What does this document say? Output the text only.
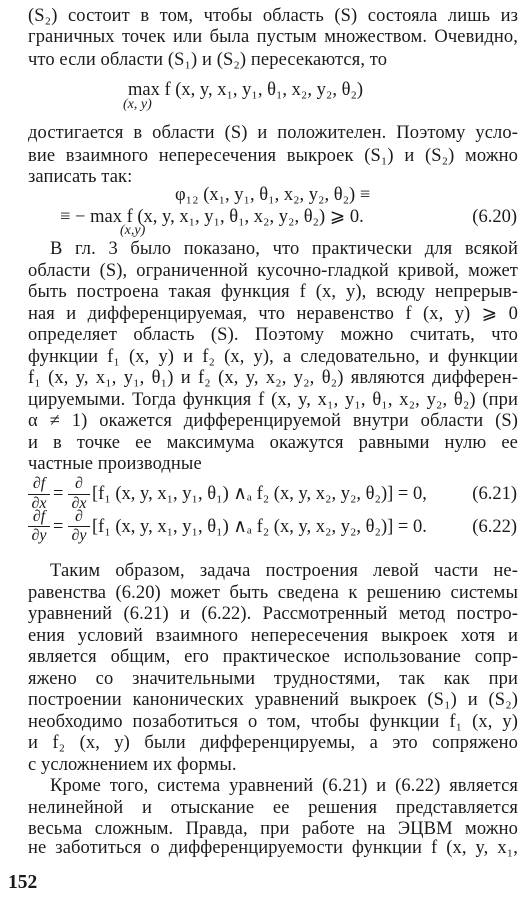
(S₂) состоит в том, чтобы область (S) состояла лишь из
граничных точек или была пустым множеством. Очевидно,
что если области (S₁) и (S₂) пересекаются, то
max f (x, y, x₁, y₁, θ₁, x₂, y₂, θ₂)
(x, y)
достигается в области (S) и положителен. Поэтому усло-
вие взаимного непересечения выкроек (S₁) и (S₂) можно
записать так:
φ₁₂ (x₁, y₁, θ₁, x₂, y₂, θ₂) ≡
≡ − max f (x, y, x₁, y₁, θ₁, x₂, y₂, θ₂) ⩾ 0.
(x,y)
(6.20)
В гл. 3 было показано, что практически для всякой
области (S), ограниченной кусочно-гладкой кривой, может
быть построена такая функция f (x, y), всюду непрерыв-
ная и дифференцируемая, что неравенство f (x, y) ⩾ 0
определяет область (S). Поэтому можно считать, что
функции f₁ (x, y) и f₂ (x, y), а следовательно, и функции
f₁ (x, y, x₁, y₁, θ₁) и f₂ (x, y, x₂, y₂, θ₂) являются дифферен-
цируемыми. Тогда функция f (x, y, x₁, y₁, θ₁, x₂, y₂, θ₂) (при
α ≠ 1) окажется дифференцируемой внутри области (S)
и в точке ее максимума окажутся равными нулю ее
частные производные
∂f
∂x =
∂
∂x [f₁ (x, y, x₁, y₁, θ₁) ∧ₐ f₂ (x, y, x₂, y₂, θ₂)] = 0, (6.21)
∂f
∂y =
∂
∂y [f₁ (x, y, x₁, y₁, θ₁) ∧ₐ f₂ (x, y, x₂, y₂, θ₂)] = 0. (6.22)
Таким образом, задача построения левой части не-
равенства (6.20) может быть сведена к решению системы
уравнений (6.21) и (6.22). Рассмотренный метод постро-
ения условий взаимного непересечения выкроек хотя и
является общим, его практическое использование сопр-
яжено со значительными трудностями, так как при
построении канонических уравнений выкроек (S₁) и (S₂)
необходимо позаботиться о том, чтобы функции f₁ (x, y)
и f₂ (x, y) были дифференцируемы, а это сопряжено
с усложнением их формы.
Кроме того, система уравнений (6.21) и (6.22) является
нелинейной и отыскание ее решения представляется
весьма сложным. Правда, при работе на ЭЦВМ можно
не заботиться о дифференцируемости функции f (x, y, x₁,
152
